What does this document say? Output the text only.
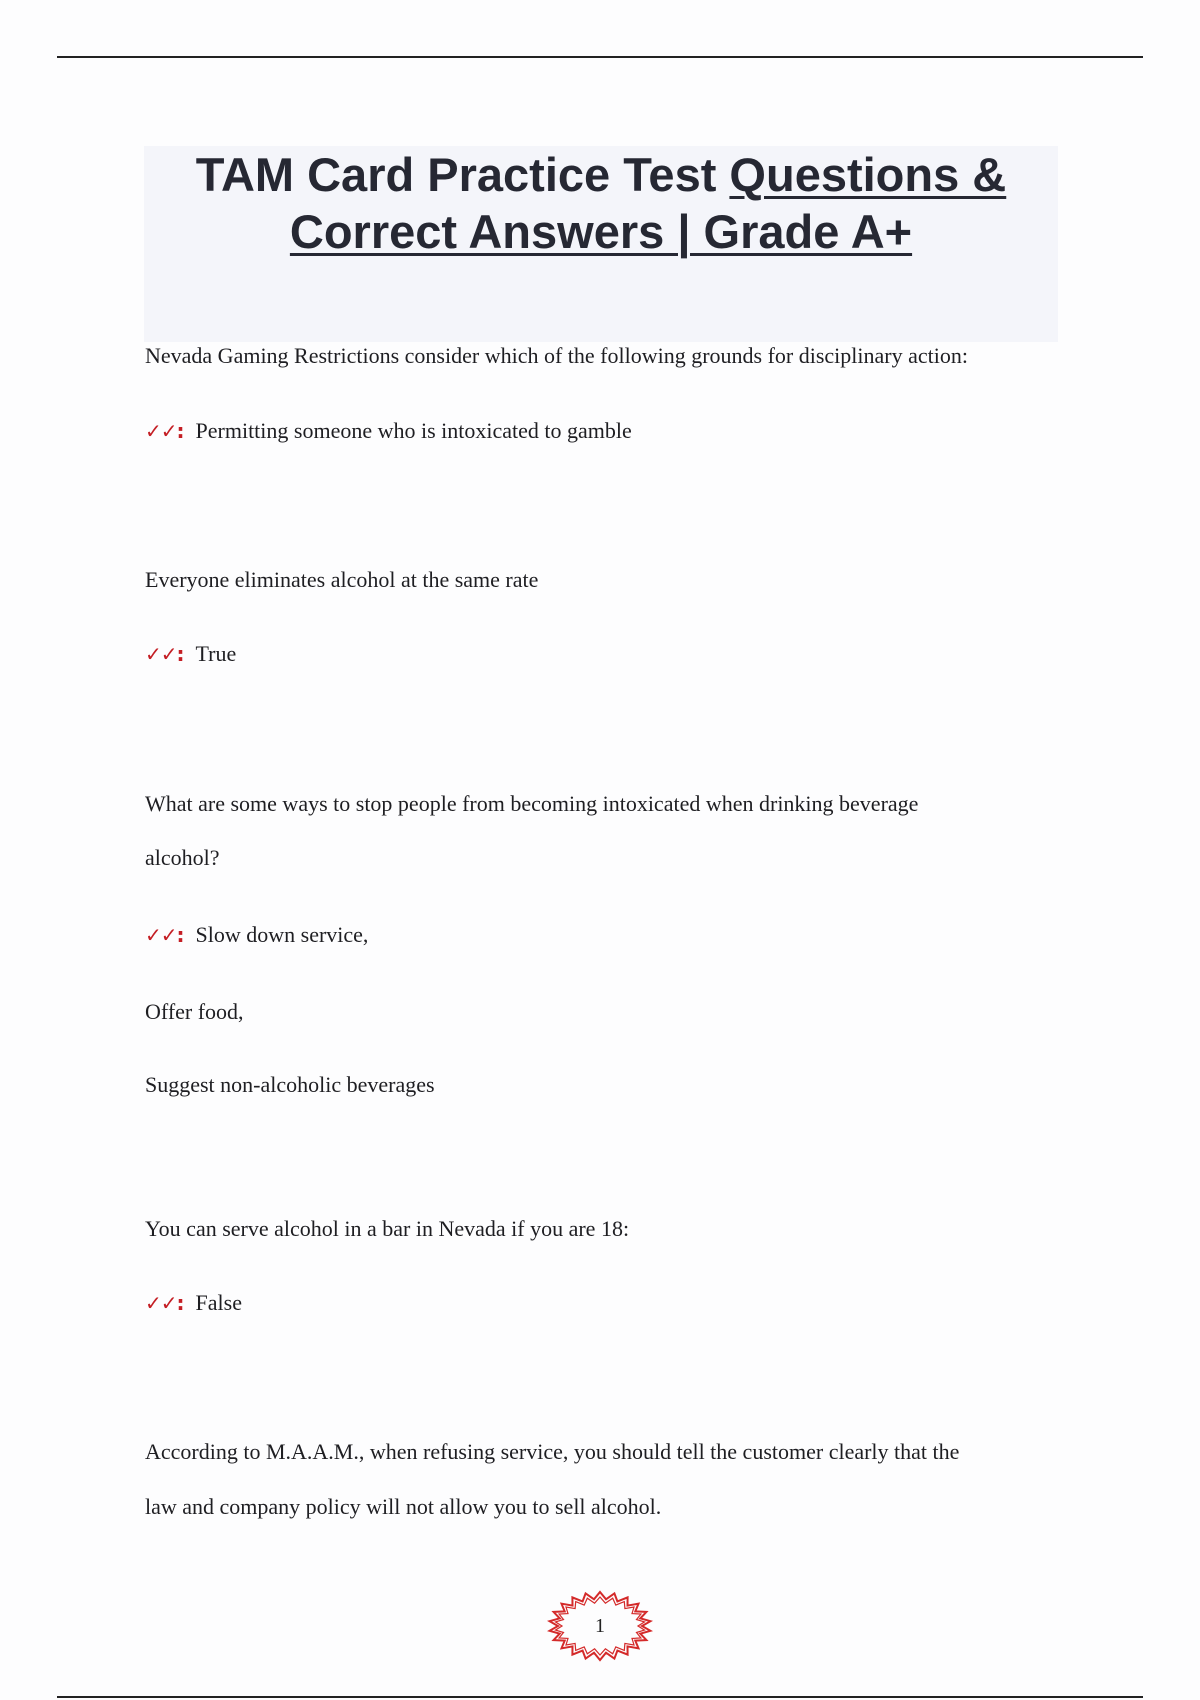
TAM Card Practice Test Questions &
Correct Answers | Grade A+
Nevada Gaming Restrictions consider which of the following grounds for disciplinary action:
✓✓: Permitting someone who is intoxicated to gamble
Everyone eliminates alcohol at the same rate
✓✓: True
What are some ways to stop people from becoming intoxicated when drinking beverage
alcohol?
✓✓: Slow down service,
Offer food,
Suggest non-alcoholic beverages
You can serve alcohol in a bar in Nevada if you are 18:
✓✓: False
According to M.A.A.M., when refusing service, you should tell the customer clearly that the
law and company policy will not allow you to sell alcohol.
1
